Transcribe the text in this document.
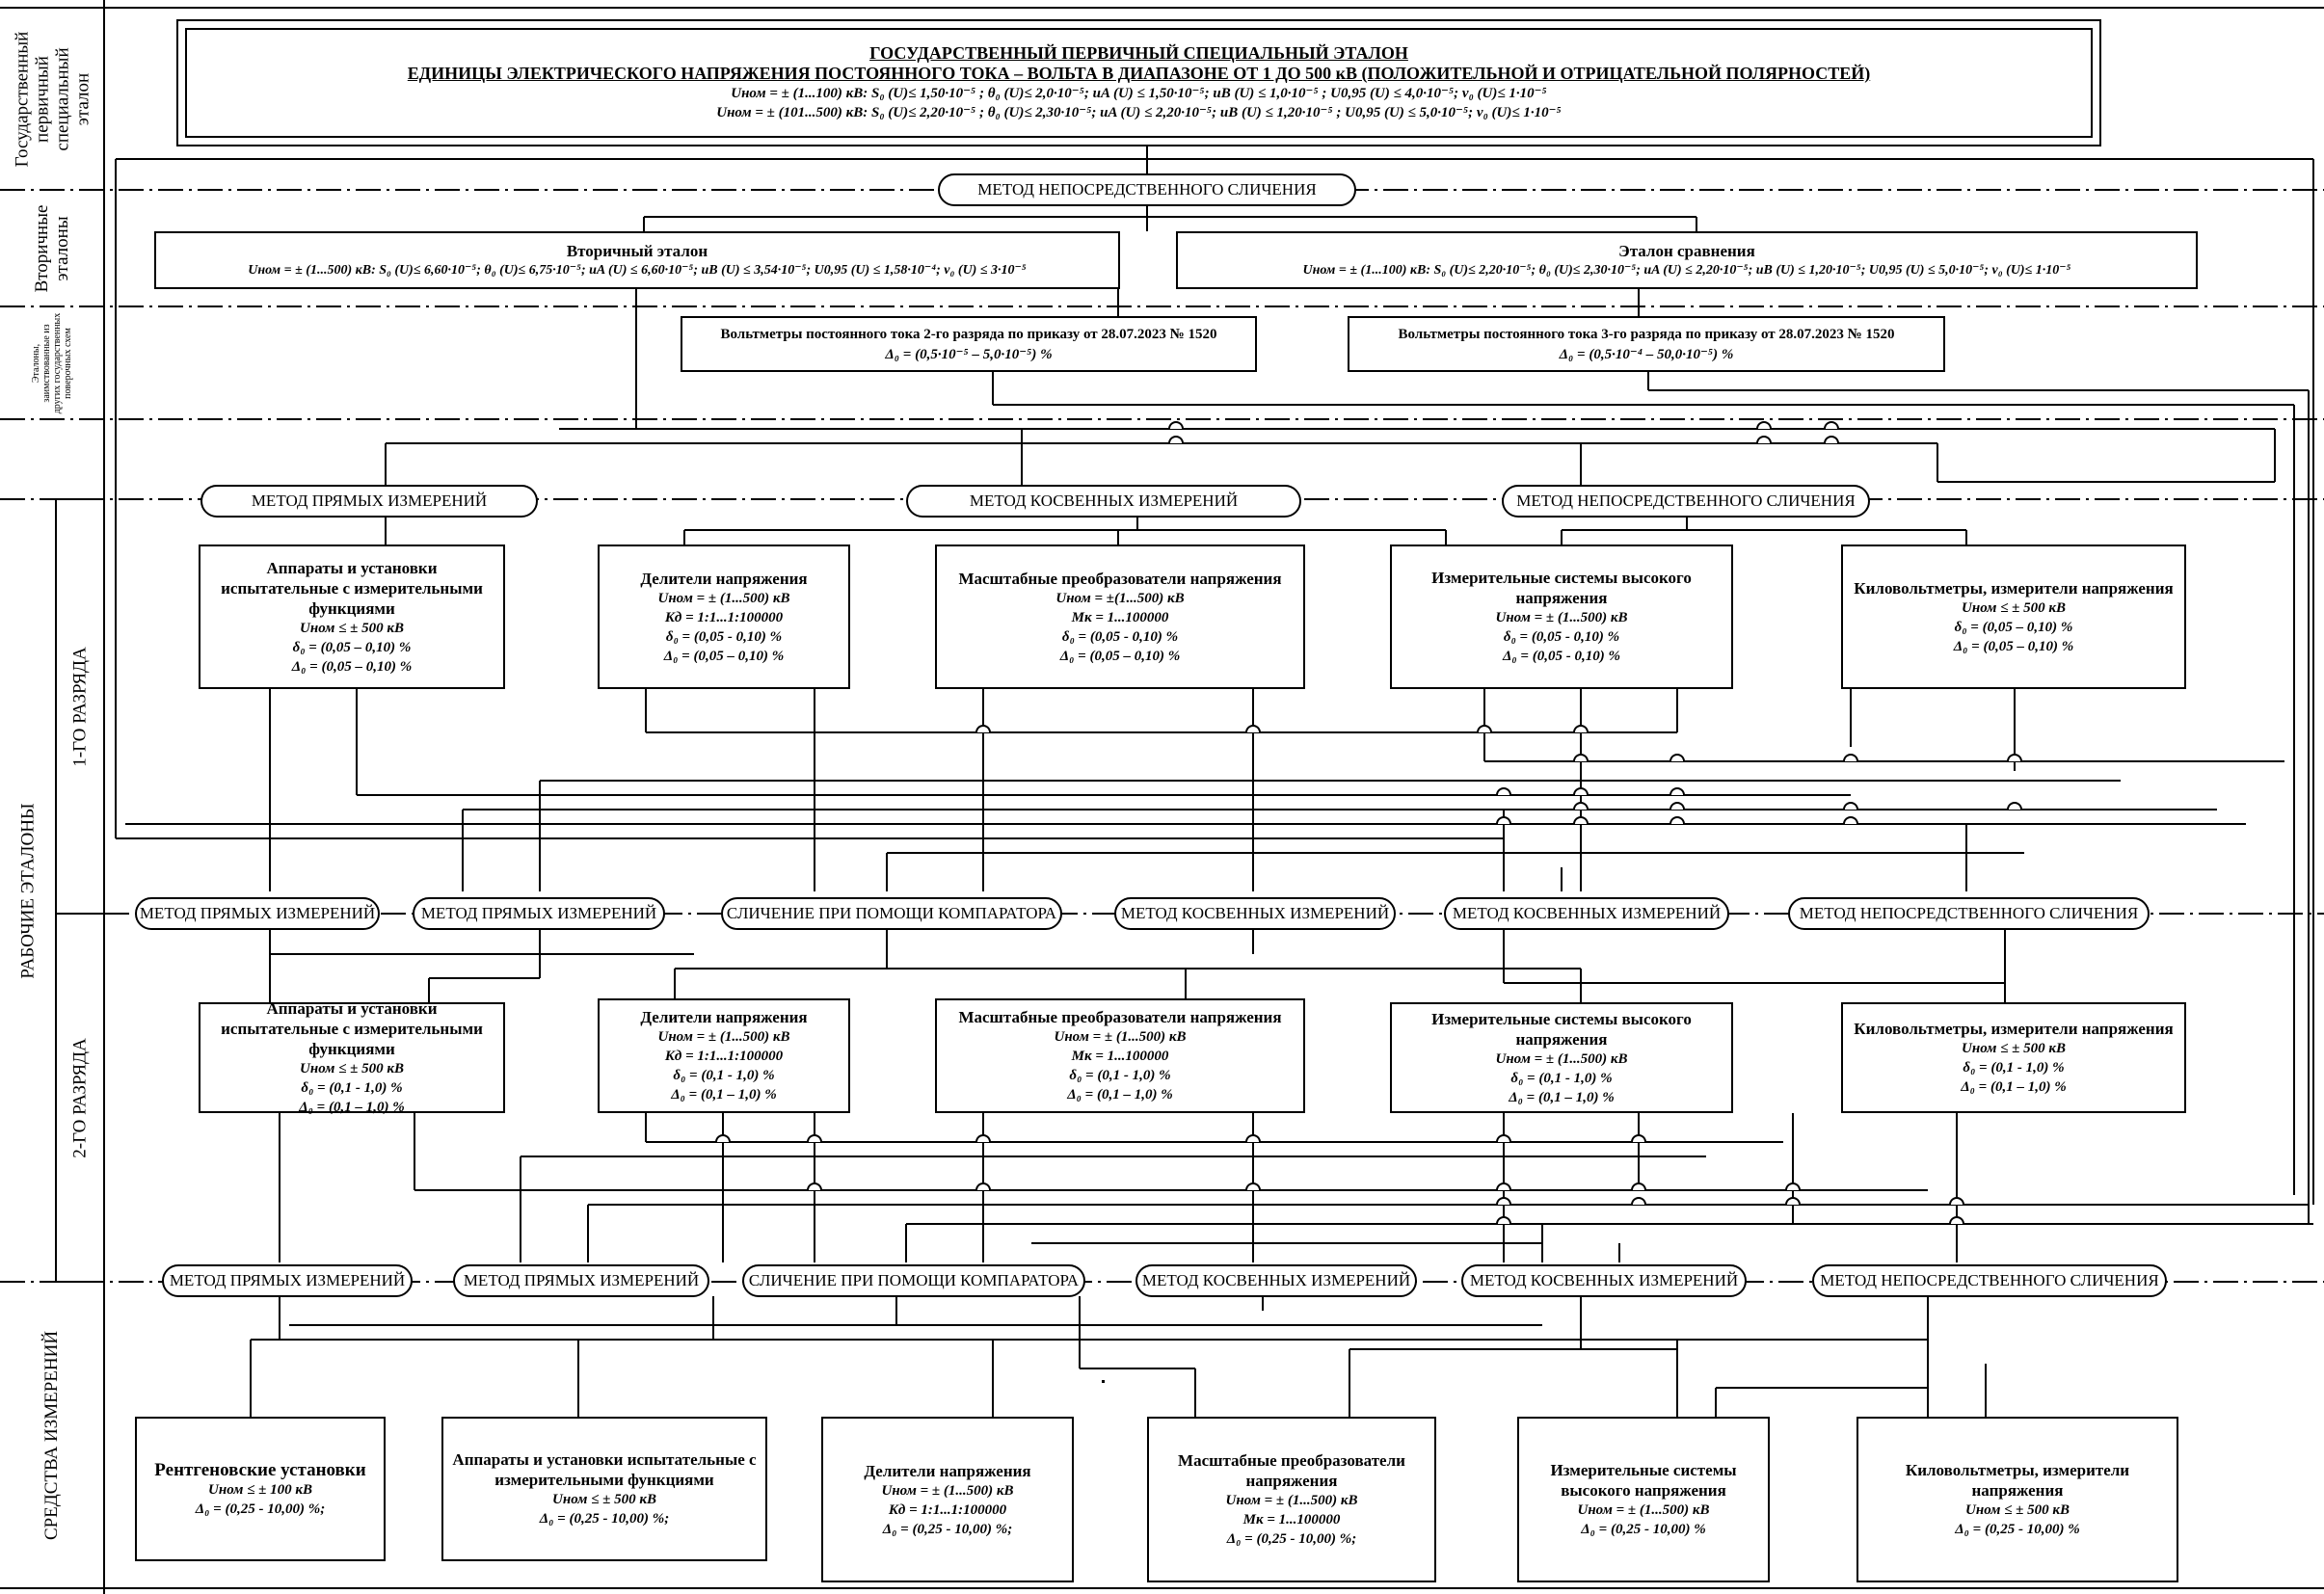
Государственный первичный специальный эталон
Вторичные эталоны
Эталоны, заимствованные из других государственных поверочных схем
РАБОЧИЕ ЭТАЛОНЫ
1-ГО РАЗРЯДА
2-ГО РАЗРЯДА
СРЕДСТВА ИЗМЕРЕНИЙ
ГОСУДАРСТВЕННЫЙ ПЕРВИЧНЫЙ СПЕЦИАЛЬНЫЙ ЭТАЛОН
ЕДИНИЦЫ ЭЛЕКТРИЧЕСКОГО НАПРЯЖЕНИЯ ПОСТОЯННОГО ТОКА – ВОЛЬТА В ДИАПАЗОНЕ ОТ 1 ДО 500 кВ (ПОЛОЖИТЕЛЬНОЙ И ОТРИЦАТЕЛЬНОЙ ПОЛЯРНОСТЕЙ)
Uном = ± (1...100) кВ: S₀ (U)≤ 1,50·10⁻⁵ ; θ₀ (U)≤ 2,0·10⁻⁵; uA (U) ≤ 1,50·10⁻⁵; uB (U) ≤ 1,0·10⁻⁵ ; U0,95 (U) ≤ 4,0·10⁻⁵; ν₀ (U)≤ 1·10⁻⁵
Uном = ± (101...500) кВ: S₀ (U)≤ 2,20·10⁻⁵ ; θ₀ (U)≤ 2,30·10⁻⁵; uA (U) ≤ 2,20·10⁻⁵; uB (U) ≤ 1,20·10⁻⁵ ; U0,95 (U) ≤ 5,0·10⁻⁵; ν₀ (U)≤ 1·10⁻⁵
МЕТОД НЕПОСРЕДСТВЕННОГО СЛИЧЕНИЯ
Вторичный эталон
Uном = ± (1...500) кВ: S₀ (U)≤ 6,60·10⁻⁵; θ₀ (U)≤ 6,75·10⁻⁵; uA (U) ≤ 6,60·10⁻⁵; uB (U) ≤ 3,54·10⁻⁵; U0,95 (U) ≤ 1,58·10⁻⁴; ν₀ (U) ≤ 3·10⁻⁵
Эталон сравнения
Uном = ± (1...100) кВ: S₀ (U)≤ 2,20·10⁻⁵; θ₀ (U)≤ 2,30·10⁻⁵; uA (U) ≤ 2,20·10⁻⁵; uB (U) ≤ 1,20·10⁻⁵; U0,95 (U) ≤ 5,0·10⁻⁵; ν₀ (U)≤ 1·10⁻⁵
Вольтметры постоянного тока 2-го разряда по приказу от 28.07.2023 № 1520
Δ₀ = (0,5·10⁻⁵ – 5,0·10⁻⁵) %
Вольтметры постоянного тока 3-го разряда по приказу от 28.07.2023 № 1520
Δ₀ = (0,5·10⁻⁴ – 50,0·10⁻⁵) %
МЕТОД ПРЯМЫХ ИЗМЕРЕНИЙ	МЕТОД КОСВЕННЫХ ИЗМЕРЕНИЙ	МЕТОД НЕПОСРЕДСТВЕННОГО СЛИЧЕНИЯ
Аппараты и установки испытательные с измерительными функциями
Uном ≤ ± 500 кВ
δ₀ = (0,05 – 0,10) %
Δ₀ = (0,05 – 0,10) %
Делители напряжения
Uном = ± (1...500) кВ
Kд = 1:1...1:100000
δ₀ = (0,05 - 0,10) %
Δ₀ = (0,05 – 0,10) %
Масштабные преобразователи напряжения
Uном = ±(1...500) кВ
Mк = 1...100000
δ₀ = (0,05 - 0,10) %
Δ₀ = (0,05 – 0,10) %
Измерительные системы высокого напряжения
Uном = ± (1...500) кВ
δ₀ = (0,05 - 0,10) %
Δ₀ = (0,05 - 0,10) %
Киловольтметры, измерители напряжения
Uном ≤ ± 500 кВ
δ₀ = (0,05 – 0,10) %
Δ₀ = (0,05 – 0,10) %
МЕТОД ПРЯМЫХ ИЗМЕРЕНИЙ	МЕТОД ПРЯМЫХ ИЗМЕРЕНИЙ	СЛИЧЕНИЕ ПРИ ПОМОЩИ КОМПАРАТОРА	МЕТОД КОСВЕННЫХ ИЗМЕРЕНИЙ	МЕТОД КОСВЕННЫХ ИЗМЕРЕНИЙ	МЕТОД НЕПОСРЕДСТВЕННОГО СЛИЧЕНИЯ
Аппараты и установки испытательные с измерительными функциями
Uном ≤ ± 500 кВ
δ₀ = (0,1 - 1,0) %
Δ₀ = (0,1 – 1,0) %
Делители напряжения
Uном = ± (1...500) кВ
Kд = 1:1...1:100000
δ₀ = (0,1 - 1,0) %
Δ₀ = (0,1 – 1,0) %
Масштабные преобразователи напряжения
Uном = ± (1...500) кВ
Mк = 1...100000
δ₀ = (0,1 - 1,0) %
Δ₀ = (0,1 – 1,0) %
Измерительные системы высокого напряжения
Uном = ± (1...500) кВ
δ₀ = (0,1 - 1,0) %
Δ₀ = (0,1 – 1,0) %
Киловольтметры, измерители напряжения
Uном ≤ ± 500 кВ
δ₀ = (0,1 - 1,0) %
Δ₀ = (0,1 – 1,0) %
МЕТОД ПРЯМЫХ ИЗМЕРЕНИЙ	МЕТОД ПРЯМЫХ ИЗМЕРЕНИЙ	СЛИЧЕНИЕ ПРИ ПОМОЩИ КОМПАРАТОРА	МЕТОД КОСВЕННЫХ ИЗМЕРЕНИЙ	МЕТОД КОСВЕННЫХ ИЗМЕРЕНИЙ	МЕТОД НЕПОСРЕДСТВЕННОГО СЛИЧЕНИЯ
Рентгеновские установки
Uном ≤ ± 100 кВ
Δ₀ = (0,25 - 10,00) %;
Аппараты и установки испытательные с измерительными функциями
Uном ≤ ± 500 кВ
Δ₀ = (0,25 - 10,00) %;
Делители напряжения
Uном = ± (1...500) кВ
Kд = 1:1...1:100000
Δ₀ = (0,25 - 10,00) %;
Масштабные преобразователи напряжения
Uном = ± (1...500) кВ
Mк = 1...100000
Δ₀ = (0,25 - 10,00) %;
Измерительные системы высокого напряжения
Uном = ± (1...500) кВ
Δ₀ = (0,25 - 10,00) %
Киловольтметры, измерители напряжения
Uном ≤ ± 500 кВ
Δ₀ = (0,25 - 10,00) %
